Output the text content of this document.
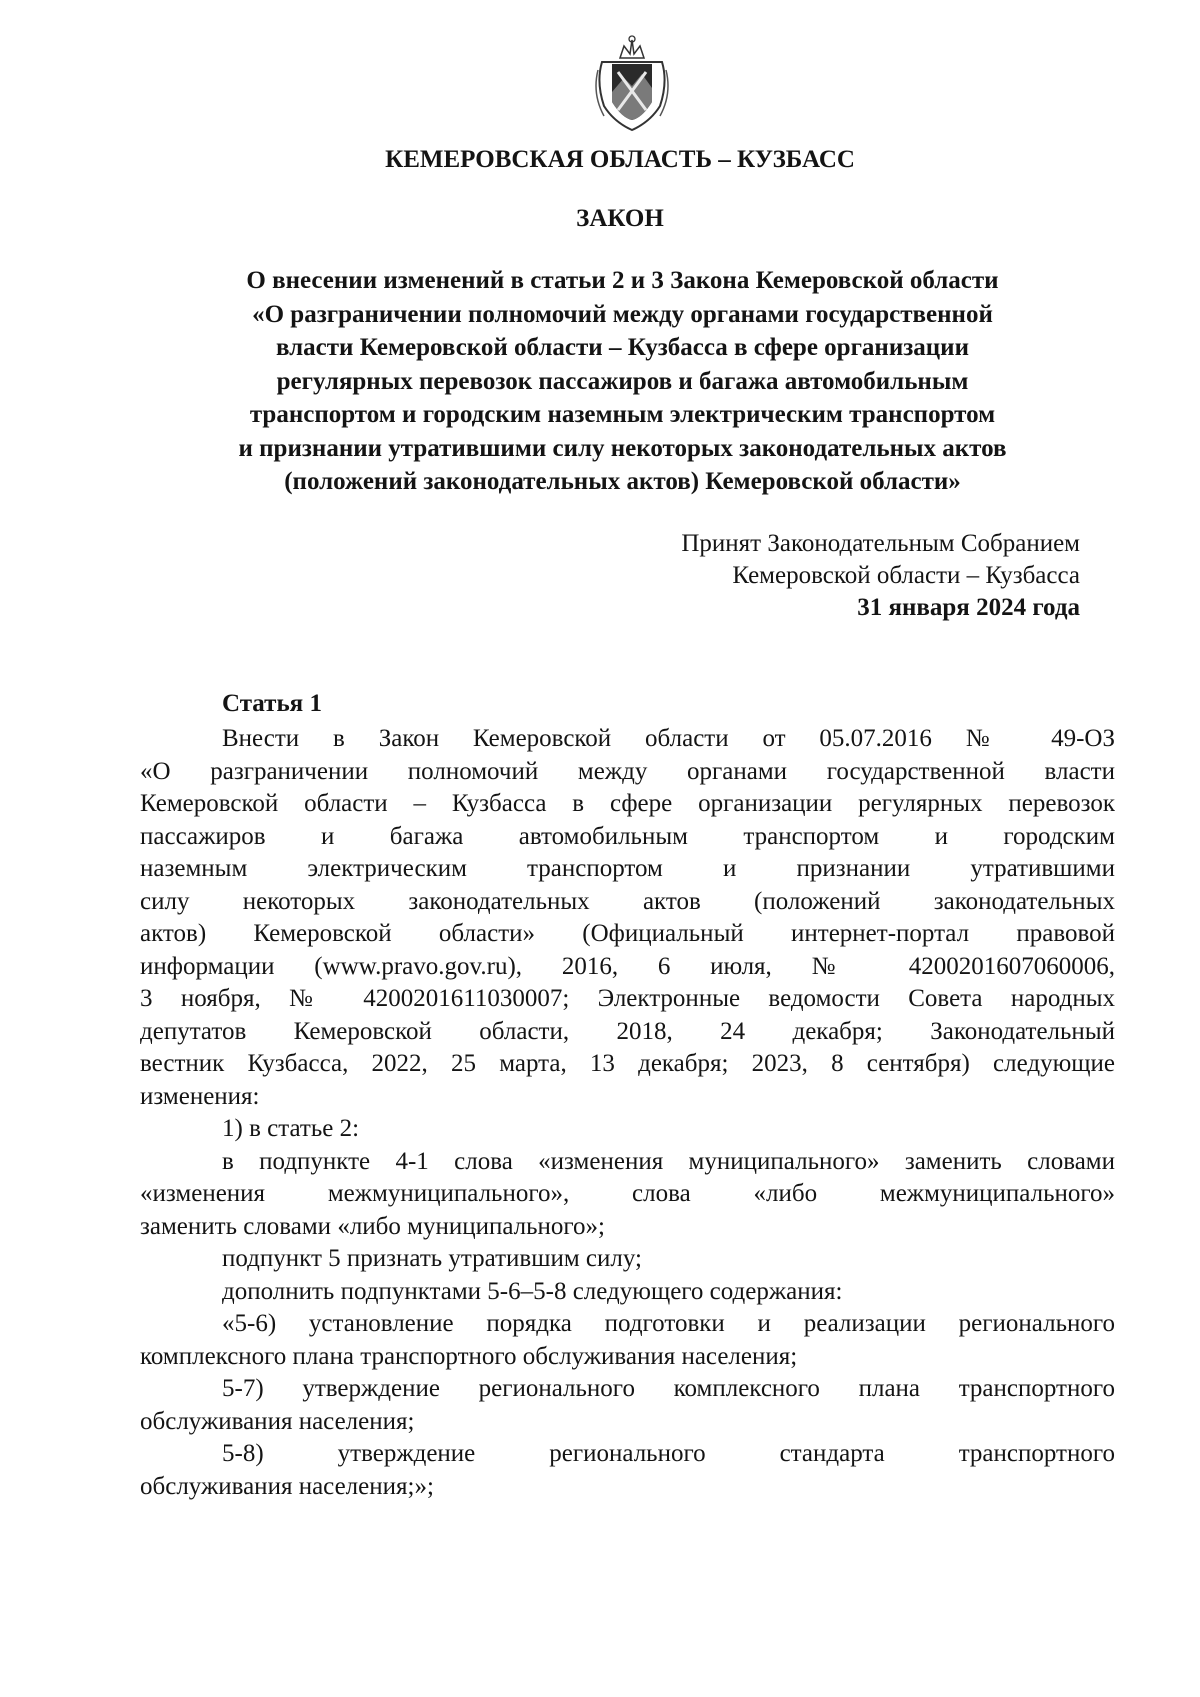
КЕМЕРОВСКАЯ ОБЛАСТЬ – КУЗБАСС
ЗАКОН
О внесении изменений в статьи 2 и 3 Закона Кемеровской области
«О разграничении полномочий между органами государственной
власти Кемеровской области – Кузбасса в сфере организации
регулярных перевозок пассажиров и багажа автомобильным
транспортом и городским наземным электрическим транспортом
и признании утратившими силу некоторых законодательных актов
(положений законодательных актов) Кемеровской области»
Принят Законодательным Собранием
Кемеровской области – Кузбасса
31 января 2024 года
Статья 1
Внести в Закон Кемеровской области от 05.07.2016 № 49-ОЗ
«О разграничении полномочий между органами государственной власти
Кемеровской области – Кузбасса в сфере организации регулярных перевозок
пассажиров и багажа автомобильным транспортом и городским
наземным электрическим транспортом и признании утратившими
силу некоторых законодательных актов (положений законодательных
актов) Кемеровской области» (Официальный интернет-портал правовой
информации (www.pravo.gov.ru), 2016, 6 июля, № 4200201607060006,
3 ноября, № 4200201611030007; Электронные ведомости Совета народных
депутатов Кемеровской области, 2018, 24 декабря; Законодательный
вестник Кузбасса, 2022, 25 марта, 13 декабря; 2023, 8 сентября) следующие
изменения:
1) в статье 2:
в подпункте 4-1 слова «изменения муниципального» заменить словами
«изменения межмуниципального», слова «либо межмуниципального»
заменить словами «либо муниципального»;
подпункт 5 признать утратившим силу;
дополнить подпунктами 5-6–5-8 следующего содержания:
«5-6) установление порядка подготовки и реализации регионального
комплексного плана транспортного обслуживания населения;
5-7) утверждение регионального комплексного плана транспортного
обслуживания населения;
5-8) утверждение регионального стандарта транспортного
обслуживания населения;»;
